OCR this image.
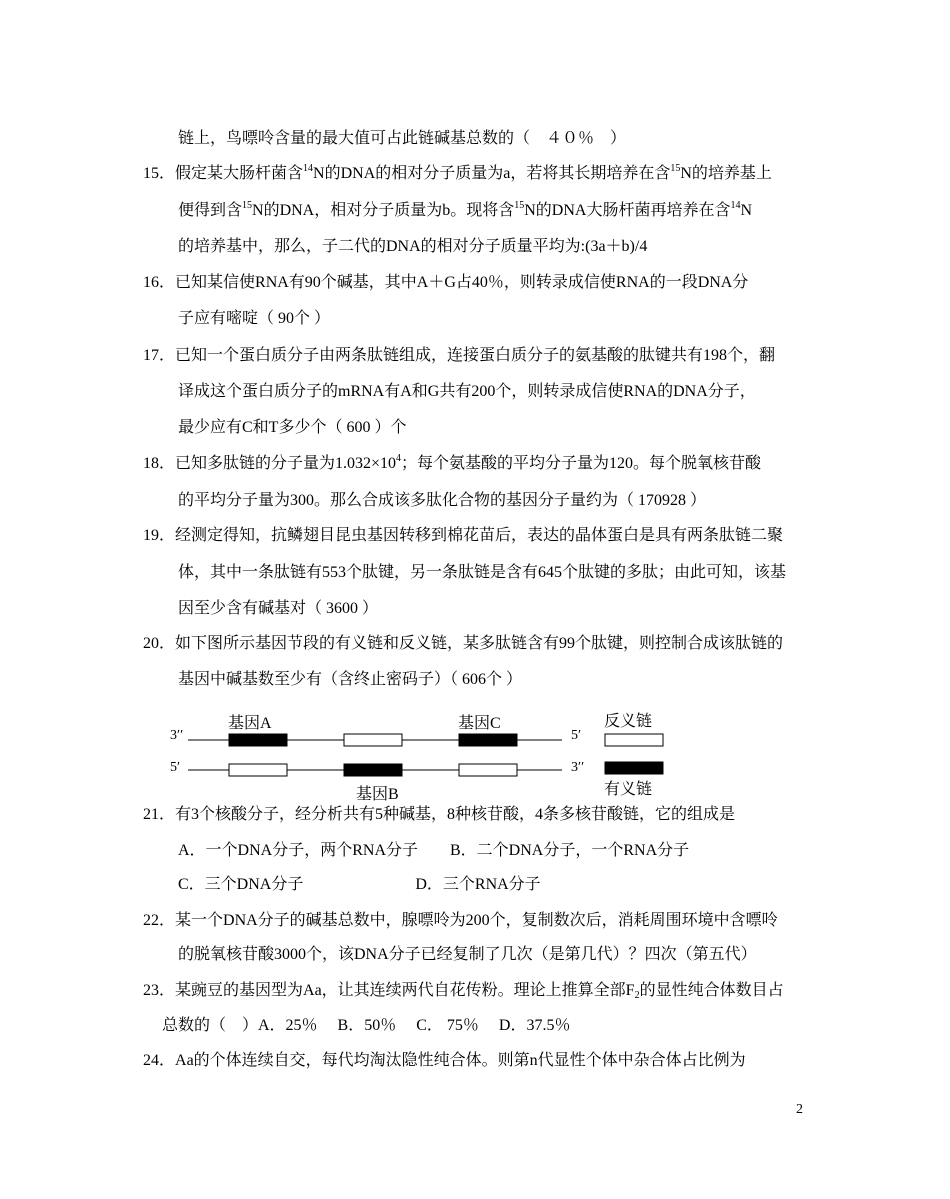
链上，鸟嘌呤含量的最大值可占此链碱基总数的（　４０％　）
15．假定某大肠杆菌含$^{14}$N的DNA的相对分子质量为a，若将其长期培养在含$^{15}$N的培养基上
便得到含$^{15}$N的DNA，相对分子质量为b。现将含$^{15}$N的DNA大肠杆菌再培养在含$^{14}$N
的培养基中，那么，子二代的DNA的相对分子质量平均为:(3a＋b)/4
16．已知某信使RNA有90个碱基，其中A＋G占40％，则转录成信使RNA的一段DNA分
子应有嘧啶（ 90个 ）
17．已知一个蛋白质分子由两条肽链组成，连接蛋白质分子的氨基酸的肽键共有198个，翻
译成这个蛋白质分子的mRNA有A和G共有200个，则转录成信使RNA的DNA分子，
最少应有C和T多少个（ 600 ）个
18．已知多肽链的分子量为$1.032\times 10^4$；每个氨基酸的平均分子量为120。每个脱氧核苷酸
的平均分子量为300。那么合成该多肽化合物的基因分子量约为（ 170928 ）
19．经测定得知，抗鳞翅目昆虫基因转移到棉花苗后，表达的晶体蛋白是具有两条肽链二聚
体，其中一条肽链有553个肽键，另一条肽链是含有645个肽键的多肽；由此可知，该基
因至少含有碱基对（ 3600 ）
20．如下图所示基因节段的有义链和反义链，某多肽链含有99个肽键，则控制合成该肽链的
基因中碱基数至少有（含终止密码子）（ 606个 ）
基因A	基因C
基因B
3′′	5′
5′	3′′
反义链
有义链
21．有3个核酸分子，经分析共有5种碱基，8种核苷酸，4条多核苷酸链，它的组成是
A．一个DNA分子，两个RNA分子　　B．二个DNA分子，一个RNA分子
C．三个DNA分子　　　　　　　D．三个RNA分子
22．某一个DNA分子的碱基总数中，腺嘌呤为200个，复制数次后，消耗周围环境中含嘌呤
的脱氧核苷酸3000个，该DNA分子已经复制了几次（是第几代）？四次（第五代）
23．某豌豆的基因型为Aa，让其连续两代自花传粉。理论上推算全部$F_2$的显性纯合体数目占
总数的（　）A．25％　 B．50％　 C． 75％　 D．37.5％
24．Aa的个体连续自交，每代均淘汰隐性纯合体。则第n代显性个体中杂合体占比例为
2
